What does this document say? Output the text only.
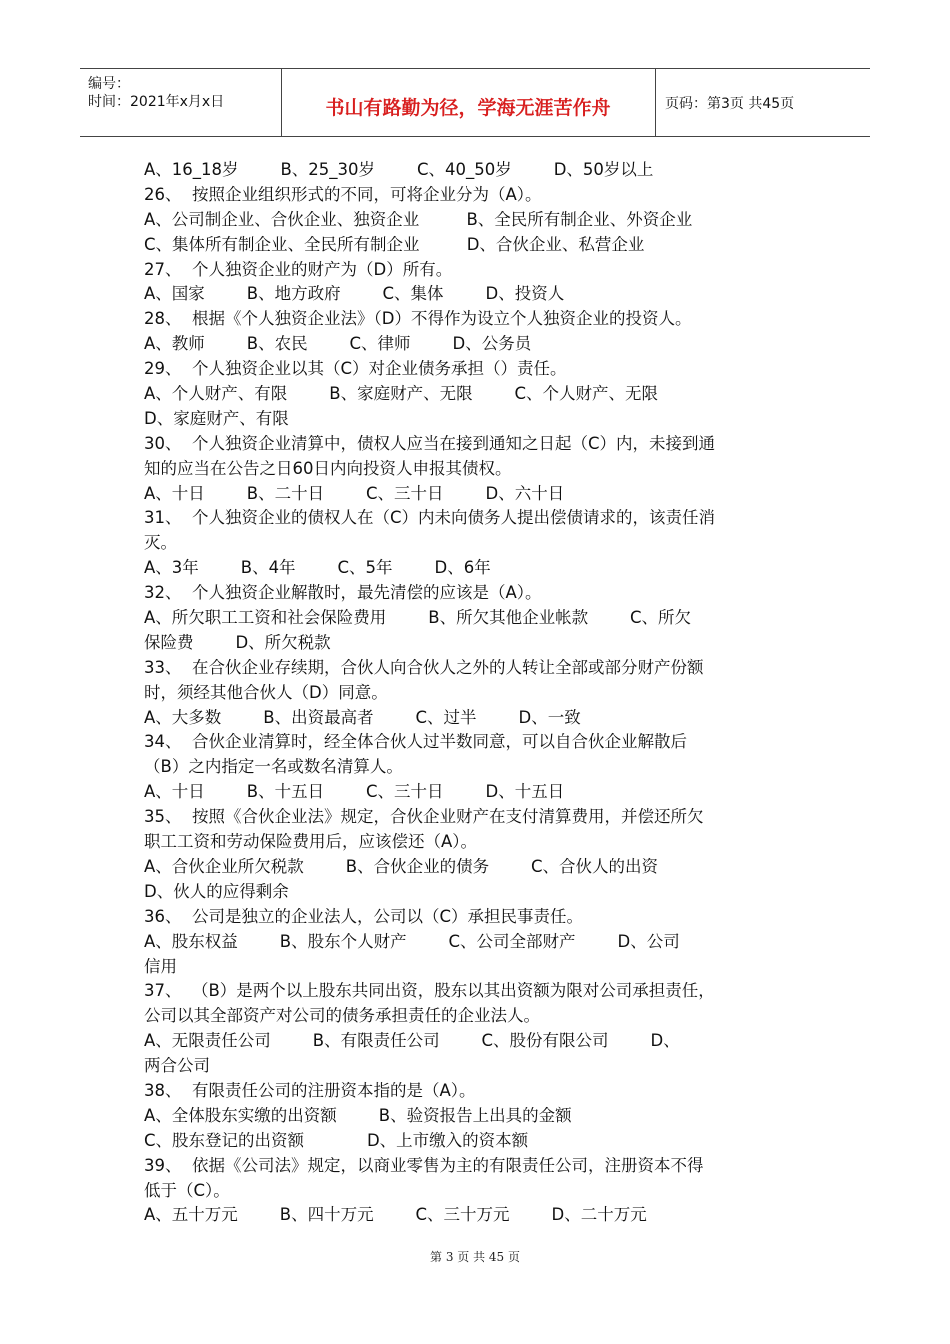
编号：
时间：2021年x月x日	书山有路勤为径，学海无涯苦作舟	页码：第3页 共45页
A、16_18岁        B、25_30岁        C、40_50岁        D、50岁以上
26、  按照企业组织形式的不同，可将企业分为（A）。
A、公司制企业、合伙企业、独资企业         B、全民所有制企业、外资企业
C、集体所有制企业、全民所有制企业         D、合伙企业、私营企业
27、  个人独资企业的财产为（D）所有。
A、国家        B、地方政府        C、集体        D、投资人
28、  根据《个人独资企业法》（D）不得作为设立个人独资企业的投资人。
A、教师        B、农民        C、律师        D、公务员
29、  个人独资企业以其（C）对企业债务承担（）责任。
A、个人财产、有限        B、家庭财产、无限        C、个人财产、无限
D、家庭财产、有限
30、  个人独资企业清算中，债权人应当在接到通知之日起（C）内，未接到通
知的应当在公告之日60日内向投资人申报其债权。
A、十日        B、二十日        C、三十日        D、六十日
31、  个人独资企业的债权人在（C）内未向债务人提出偿债请求的，该责任消
灭。
A、3年        B、4年        C、5年        D、6年
32、  个人独资企业解散时，最先清偿的应该是（A）。
A、所欠职工工资和社会保险费用        B、所欠其他企业帐款        C、所欠
保险费        D、所欠税款
33、  在合伙企业存续期，合伙人向合伙人之外的人转让全部或部分财产份额
时，须经其他合伙人（D）同意。
A、大多数        B、出资最高者        C、过半        D、一致
34、  合伙企业清算时，经全体合伙人过半数同意，可以自合伙企业解散后
（B）之内指定一名或数名清算人。
A、十日        B、十五日        C、三十日        D、十五日
35、  按照《合伙企业法》规定，合伙企业财产在支付清算费用，并偿还所欠
职工工资和劳动保险费用后，应该偿还（A）。
A、合伙企业所欠税款        B、合伙企业的债务        C、合伙人的出资
D、伙人的应得剩余
36、  公司是独立的企业法人，公司以（C）承担民事责任。
A、股东权益        B、股东个人财产        C、公司全部财产        D、公司
信用
37、  （B）是两个以上股东共同出资，股东以其出资额为限对公司承担责任，
公司以其全部资产对公司的债务承担责任的企业法人。
A、无限责任公司        B、有限责任公司        C、股份有限公司        D、
两合公司
38、  有限责任公司的注册资本指的是（A）。
A、全体股东实缴的出资额        B、验资报告上出具的金额
C、股东登记的出资额            D、上市缴入的资本额
39、  依据《公司法》规定，以商业零售为主的有限责任公司，注册资本不得
低于（C）。
A、五十万元        B、四十万元        C、三十万元        D、二十万元
第 3 页 共 45 页
